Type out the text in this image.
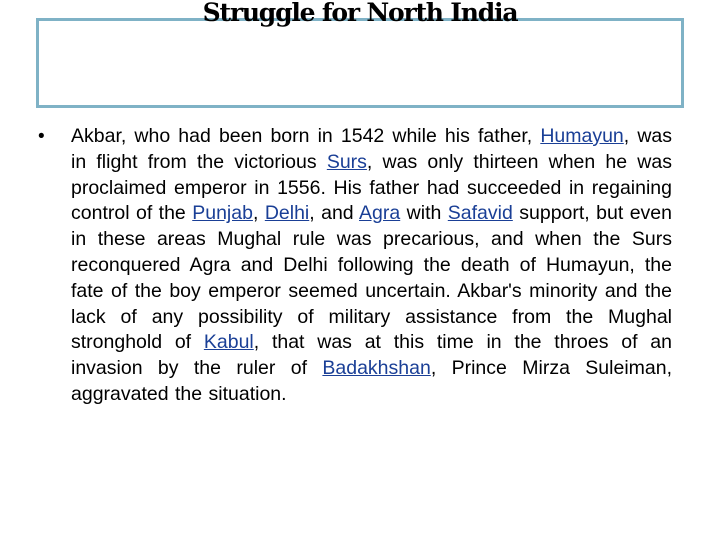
Struggle for North India
•	Akbar, who had been born in 1542 while his father, Humayun, was in flight from the victorious Surs, was only thirteen when he was proclaimed emperor in 1556. His father had succeeded in regaining control of the Punjab, Delhi, and Agra with Safavid support, but even in these areas Mughal rule was precarious, and when the Surs reconquered Agra and Delhi following the death of Humayun, the fate of the boy emperor seemed uncertain. Akbar's minority and the lack of any possibility of military assistance from the Mughal stronghold of Kabul, that was at this time in the throes of an invasion by the ruler of Badakhshan, Prince Mirza Suleiman, aggravated the situation.
